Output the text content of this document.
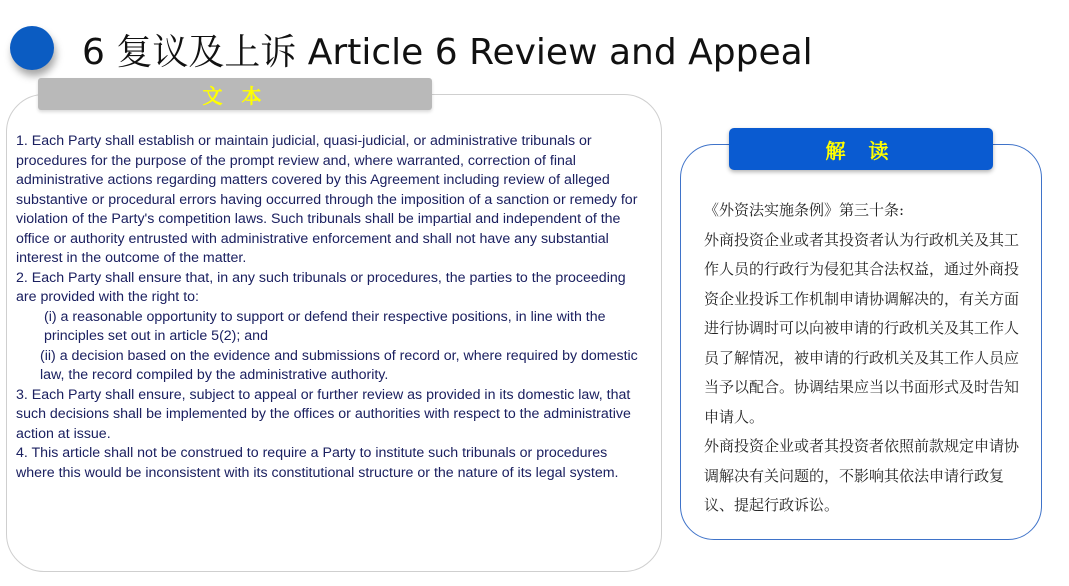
6 复议及上诉 Article 6 Review and Appeal
文 本

1. Each Party shall establish or maintain judicial, quasi-judicial, or administrative tribunals or procedures for the purpose of the prompt review and, where warranted, correction of final administrative actions regarding matters covered by this Agreement including review of alleged substantive or procedural errors having occurred through the imposition of a sanction or remedy for violation of the Party's competition laws. Such tribunals shall be impartial and independent of the office or authority entrusted with administrative enforcement and shall not have any substantial interest in the outcome of the matter.

2. Each Party shall ensure that, in any such tribunals or procedures, the parties to the proceeding are provided with the right to:

(i) a reasonable opportunity to support or defend their respective positions, in line with the principles set out in article 5(2); and

(ii) a decision based on the evidence and submissions of record or, where required by domestic law, the record compiled by the administrative authority.

3. Each Party shall ensure, subject to appeal or further review as provided in its domestic law, that such decisions shall be implemented by the offices or authorities with respect to the administrative action at issue.

4. This article shall not be construed to require a Party to institute such tribunals or procedures where this would be inconsistent with its constitutional structure or the nature of its legal system.

解 读

《外资法实施条例》第三十条:

外商投资企业或者其投资者认为行政机关及其工作人员的行政行为侵犯其合法权益，通过外商投资企业投诉工作机制申请协调解决的，有关方面进行协调时可以向被申请的行政机关及其工作人员了解情况，被申请的行政机关及其工作人员应当予以配合。协调结果应当以书面形式及时告知申请人。

外商投资企业或者其投资者依照前款规定申请协调解决有关问题的，不影响其依法申请行政复议、提起行政诉讼。
